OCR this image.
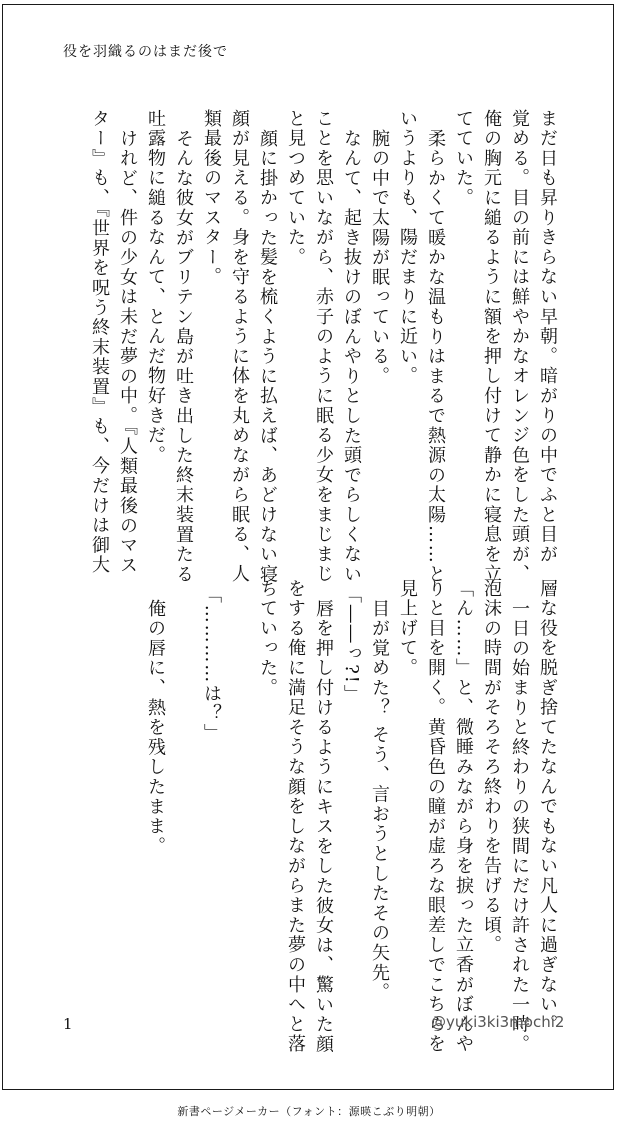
役を羽織るのはまだ後で
まだ日も昇りきらない早朝。暗がりの中でふと目が
覚める。目の前には鮮やかなオレンジ色をした頭が、
俺の胸元に縋るように額を押し付けて静かに寝息を立
てていた。
柔らかくて暖かな温もりはまるで熱源の太陽……と
いうよりも、陽だまりに近い。
腕の中で太陽が眠っている。
なんて、起き抜けのぼんやりとした頭でらしくない
ことを思いながら、赤子のように眠る少女をまじまじ
と見つめていた。
顔に掛かった髪を梳くように払えば、あどけない寝
顔が見える。身を守るように体を丸めながら眠る、人
類最後のマスター。
そんな彼女がブリテン島が吐き出した終末装置たる
吐露物に縋るなんて、とんだ物好きだ。
けれど、件の少女は未だ夢の中。『人類最後のマス
ター』も、『世界を呪う終末装置』も、今だけは御大
層な役を脱ぎ捨てたなんでもない凡人に過ぎない。
一日の始まりと終わりの狭間にだけ許された一時。
泡沫の時間がそろそろ終わりを告げる頃。
「ん……」と、微睡みながら身を捩った立香がぼんや
りと目を開く。黄昏色の瞳が虚ろな眼差しでこちらを
見上げて。
目が覚めた？ そう、言おうとしたその矢先。
「――っ?!」
唇を押し付けるようにキスをした彼女は、驚いた顔
をする俺に満足そうな顔をしながらまた夢の中へと落
ちていった。
「…………は？」
俺の唇に、熱を残したまま。
1	@yuki3ki3mochi2
新書ページメーカー（フォント：源暎こぶり明朝）
